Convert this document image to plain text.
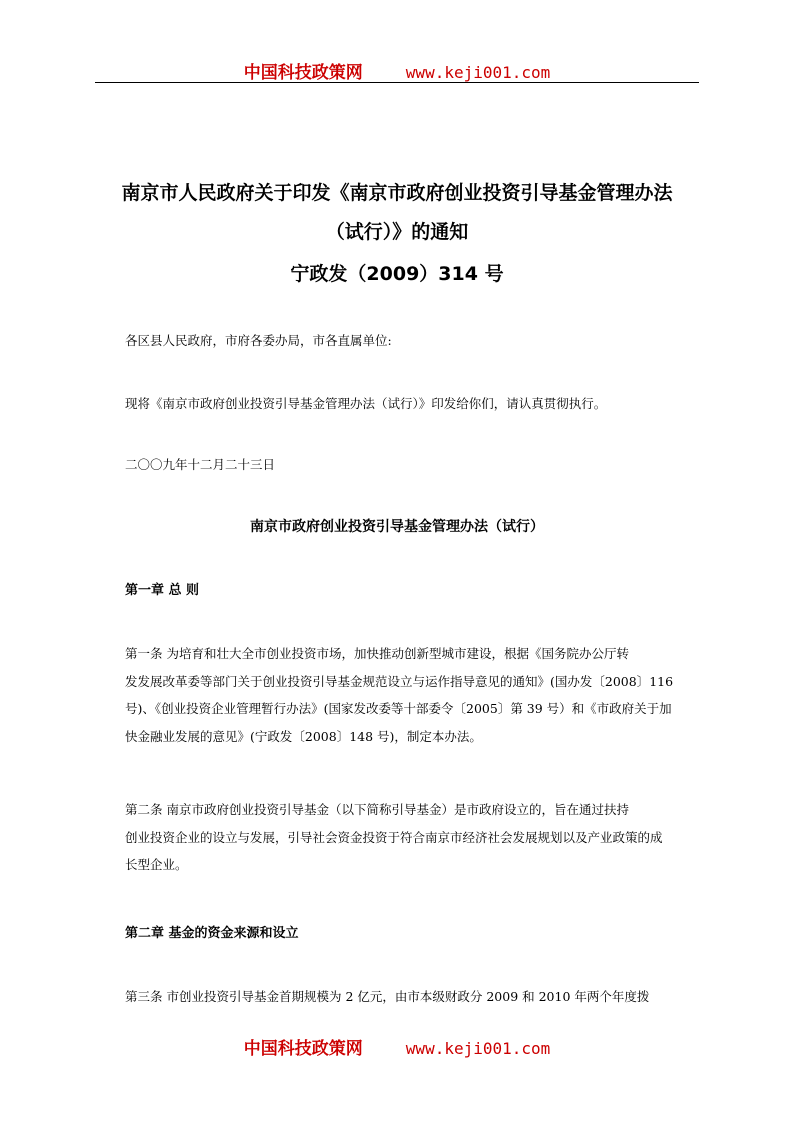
中国科技政策网	www.keji001.com
南京市人民政府关于印发《南京市政府创业投资引导基金管理办法
（试行）》的通知
宁政发（2009）314 号
各区县人民政府，市府各委办局，市各直属单位:
现将《南京市政府创业投资引导基金管理办法（试行）》印发给你们，请认真贯彻执行。
二〇〇九年十二月二十三日
南京市政府创业投资引导基金管理办法（试行）
第一章 总 则
第一条 为培育和壮大全市创业投资市场，加快推动创新型城市建设，根据《国务院办公厅转
发发展改革委等部门关于创业投资引导基金规范设立与运作指导意见的通知》(国办发〔2008〕116
号)、《创业投资企业管理暂行办法》(国家发改委等十部委令〔2005〕第 39 号）和《市政府关于加
快金融业发展的意见》(宁政发〔2008〕148 号)，制定本办法。
第二条 南京市政府创业投资引导基金（以下简称引导基金）是市政府设立的，旨在通过扶持
创业投资企业的设立与发展，引导社会资金投资于符合南京市经济社会发展规划以及产业政策的成
长型企业。
第二章 基金的资金来源和设立
第三条 市创业投资引导基金首期规模为 2 亿元，由市本级财政分 2009 和 2010 年两个年度拨
中国科技政策网	www.keji001.com
